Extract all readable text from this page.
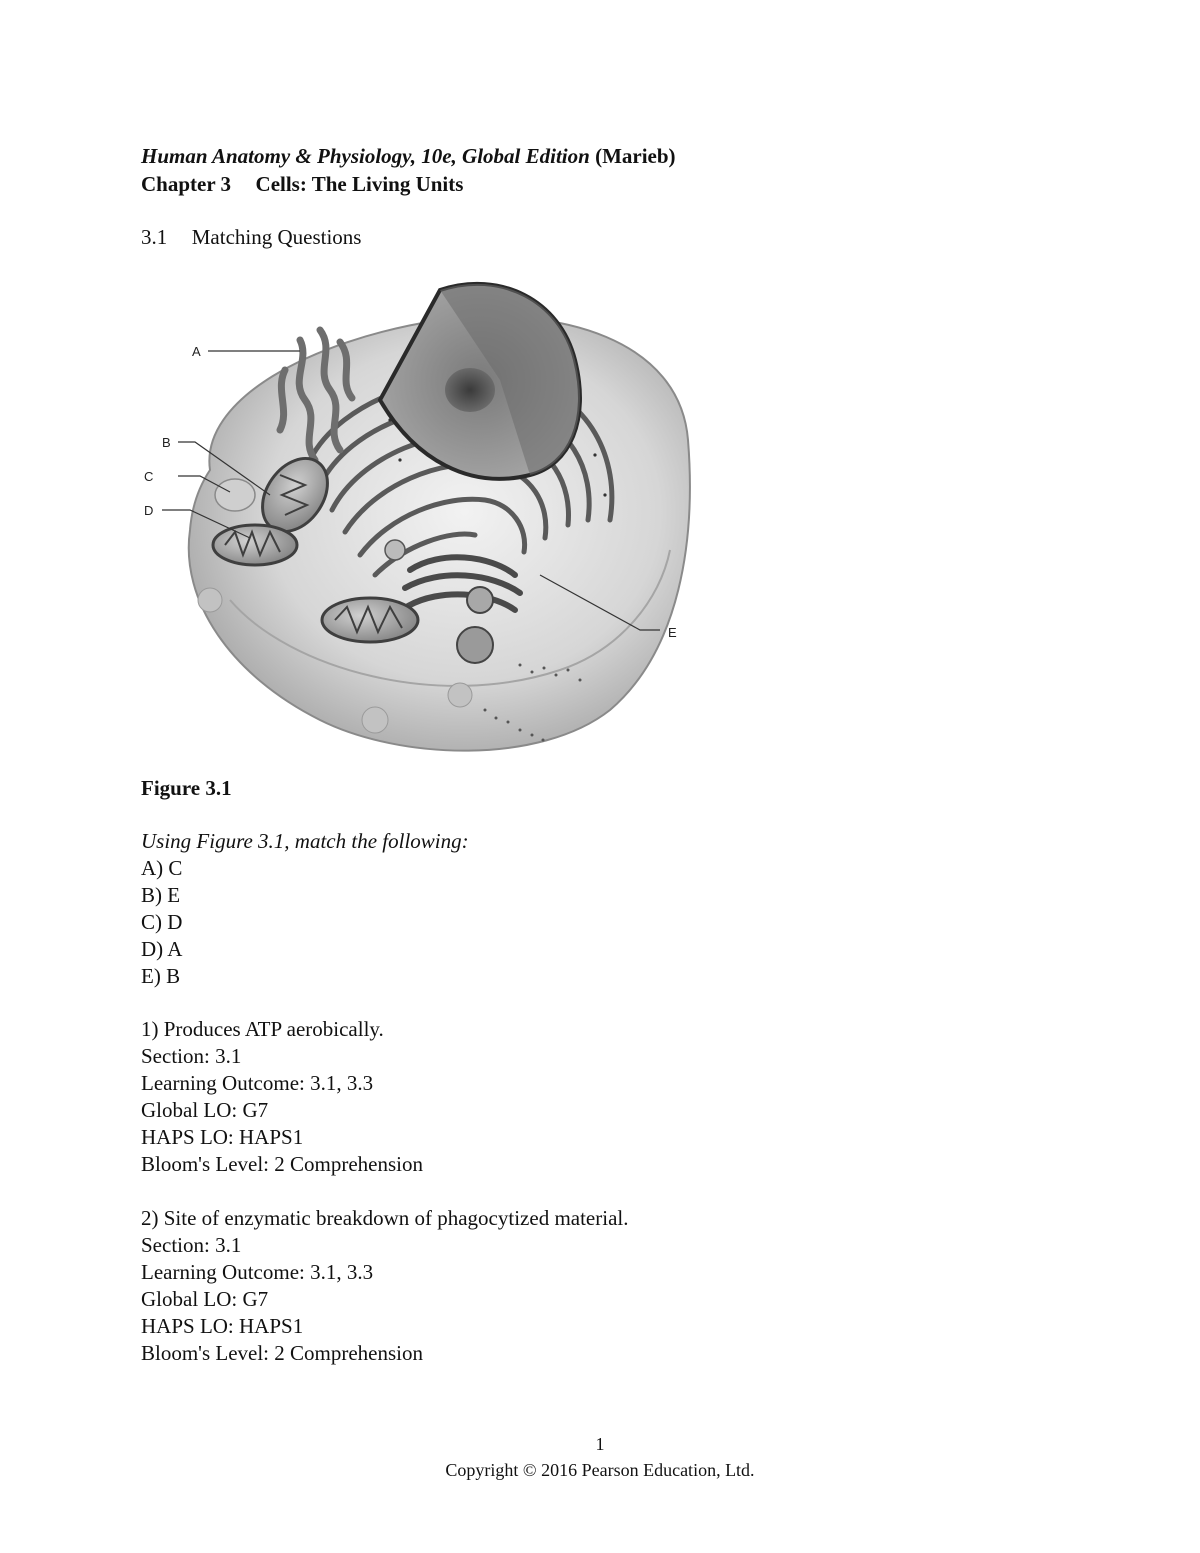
Human Anatomy & Physiology, 10e, Global Edition (Marieb)
Chapter 3 Cells: The Living Units
3.1 Matching Questions
A
B
C
D
E
Figure 3.1
Using Figure 3.1, match the following:
A) C
B) E
C) D
D) A
E) B
1) Produces ATP aerobically.
Section: 3.1
Learning Outcome: 3.1, 3.3
Global LO: G7
HAPS LO: HAPS1
Bloom's Level: 2 Comprehension
2) Site of enzymatic breakdown of phagocytized material.
Section: 3.1
Learning Outcome: 3.1, 3.3
Global LO: G7
HAPS LO: HAPS1
Bloom's Level: 2 Comprehension
1
Copyright © 2016 Pearson Education, Ltd.
